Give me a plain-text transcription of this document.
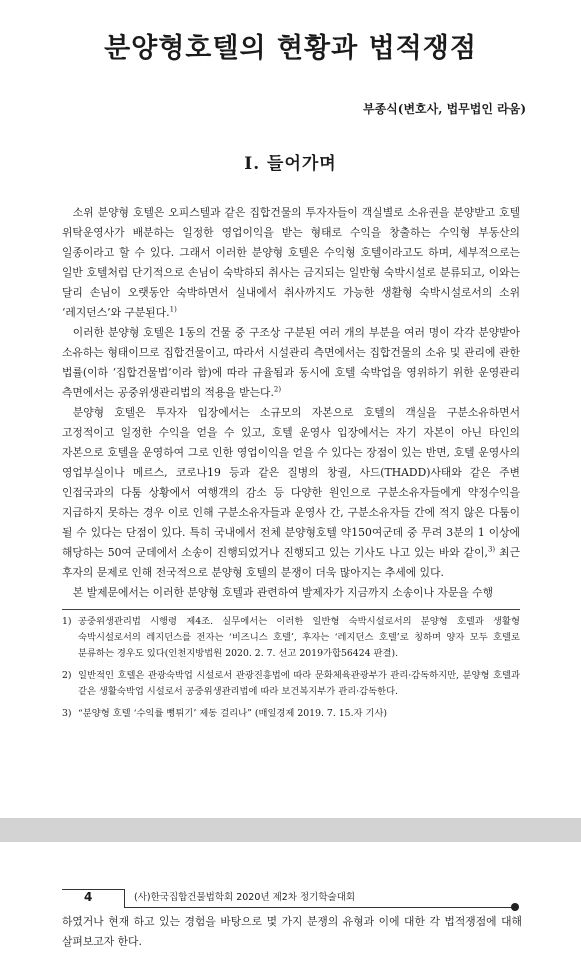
분양형호텔의 현황과 법적쟁점
부종식(변호사, 법무법인 라움)
Ⅰ. 들어가며

소위 분양형 호텔은 오피스텔과 같은 집합건물의 투자자들이 객실별로 소유권을 분양받고 호텔 위탁운영사가 배분하는 일정한 영업이익을 받는 형태로 수익을 창출하는 수익형 부동산의 일종이라고 할 수 있다. 그래서 이러한 분양형 호텔은 수익형 호텔이라고도 하며, 세부적으로는 일반 호텔처럼 단기적으로 손님이 숙박하되 취사는 금지되는 일반형 숙박시설로 분류되고, 이와는 달리 손님이 오랫동안 숙박하면서 실내에서 취사까지도 가능한 생활형 숙박시설로서의 소위 ‘레지던스’와 구분된다.$^{1)}$

이러한 분양형 호텔은 1동의 건물 중 구조상 구분된 여러 개의 부분을 여러 명이 각각 분양받아 소유하는 형태이므로 집합건물이고, 따라서 시설관리 측면에서는 집합건물의 소유 및 관리에 관한 법률(이하 ‘집합건물법’이라 함)에 따라 규율됨과 동시에 호텔 숙박업을 영위하기 위한 운영관리 측면에서는 공중위생관리법의 적용을 받는다.$^{2)}$

분양형 호텔은 투자자 입장에서는 소규모의 자본으로 호텔의 객실을 구분소유하면서 고정적이고 일정한 수익을 얻을 수 있고, 호텔 운영사 입장에서는 자기 자본이 아닌 타인의 자본으로 호텔을 운영하여 그로 인한 영업이익을 얻을 수 있다는 장점이 있는 반면, 호텔 운영사의 영업부실이나 메르스, 코로나19 등과 같은 질병의 창궐, 사드(THADD)사태와 같은 주변 인접국과의 다툼 상황에서 여행객의 감소 등 다양한 원인으로 구분소유자들에게 약정수익을 지급하지 못하는 경우 이로 인해 구분소유자들과 운영사 간, 구분소유자들 간에 적지 않은 다툼이 될 수 있다는 단점이 있다. 특히 국내에서 전체 분양형호텔 약150여군데 중 무려 3분의 1 이상에 해당하는 50여 군데에서 소송이 진행되었거나 진행되고 있는 기사도 나고 있는 바와 같이,$^{3)}$ 최근 후자의 문제로 인해 전국적으로 분양형 호텔의 분쟁이 더욱 많아지는 추세에 있다.

본 발제문에서는 이러한 분양형 호텔과 관련하여 발제자가 지금까지 소송이나 자문을 수행

1) 공중위생관리법 시행령 제4조. 실무에서는 이러한 일반형 숙박시설로서의 분양형 호텔과 생활형 숙박시설로서의 레지던스를 전자는 ‘비즈니스 호텔’, 후자는 ‘레지던스 호텔’로 칭하며 양자 모두 호텔로 분류하는 경우도 있다(인천지방법원 2020. 2. 7. 선고 2019가합56424 판결).
2) 일반적인 호텔은 관광숙박업 시설로서 관광진흥법에 따라 문화체육관광부가 관리·감독하지만, 분양형 호텔과 같은 생활숙박업 시설로서 공중위생관리법에 따라 보건복지부가 관리·감독한다.
3) “분양형 호텔 ‘수익률 뻥튀기’ 제동 걸리나” (매일경제 2019. 7. 15.자 기사)
4	(사)한국집합건물법학회 2020년 제2차 정기학술대회

하였거나 현재 하고 있는 경험을 바탕으로 몇 가지 분쟁의 유형과 이에 대한 각 법적쟁점에 대해 살펴보고자 한다.
